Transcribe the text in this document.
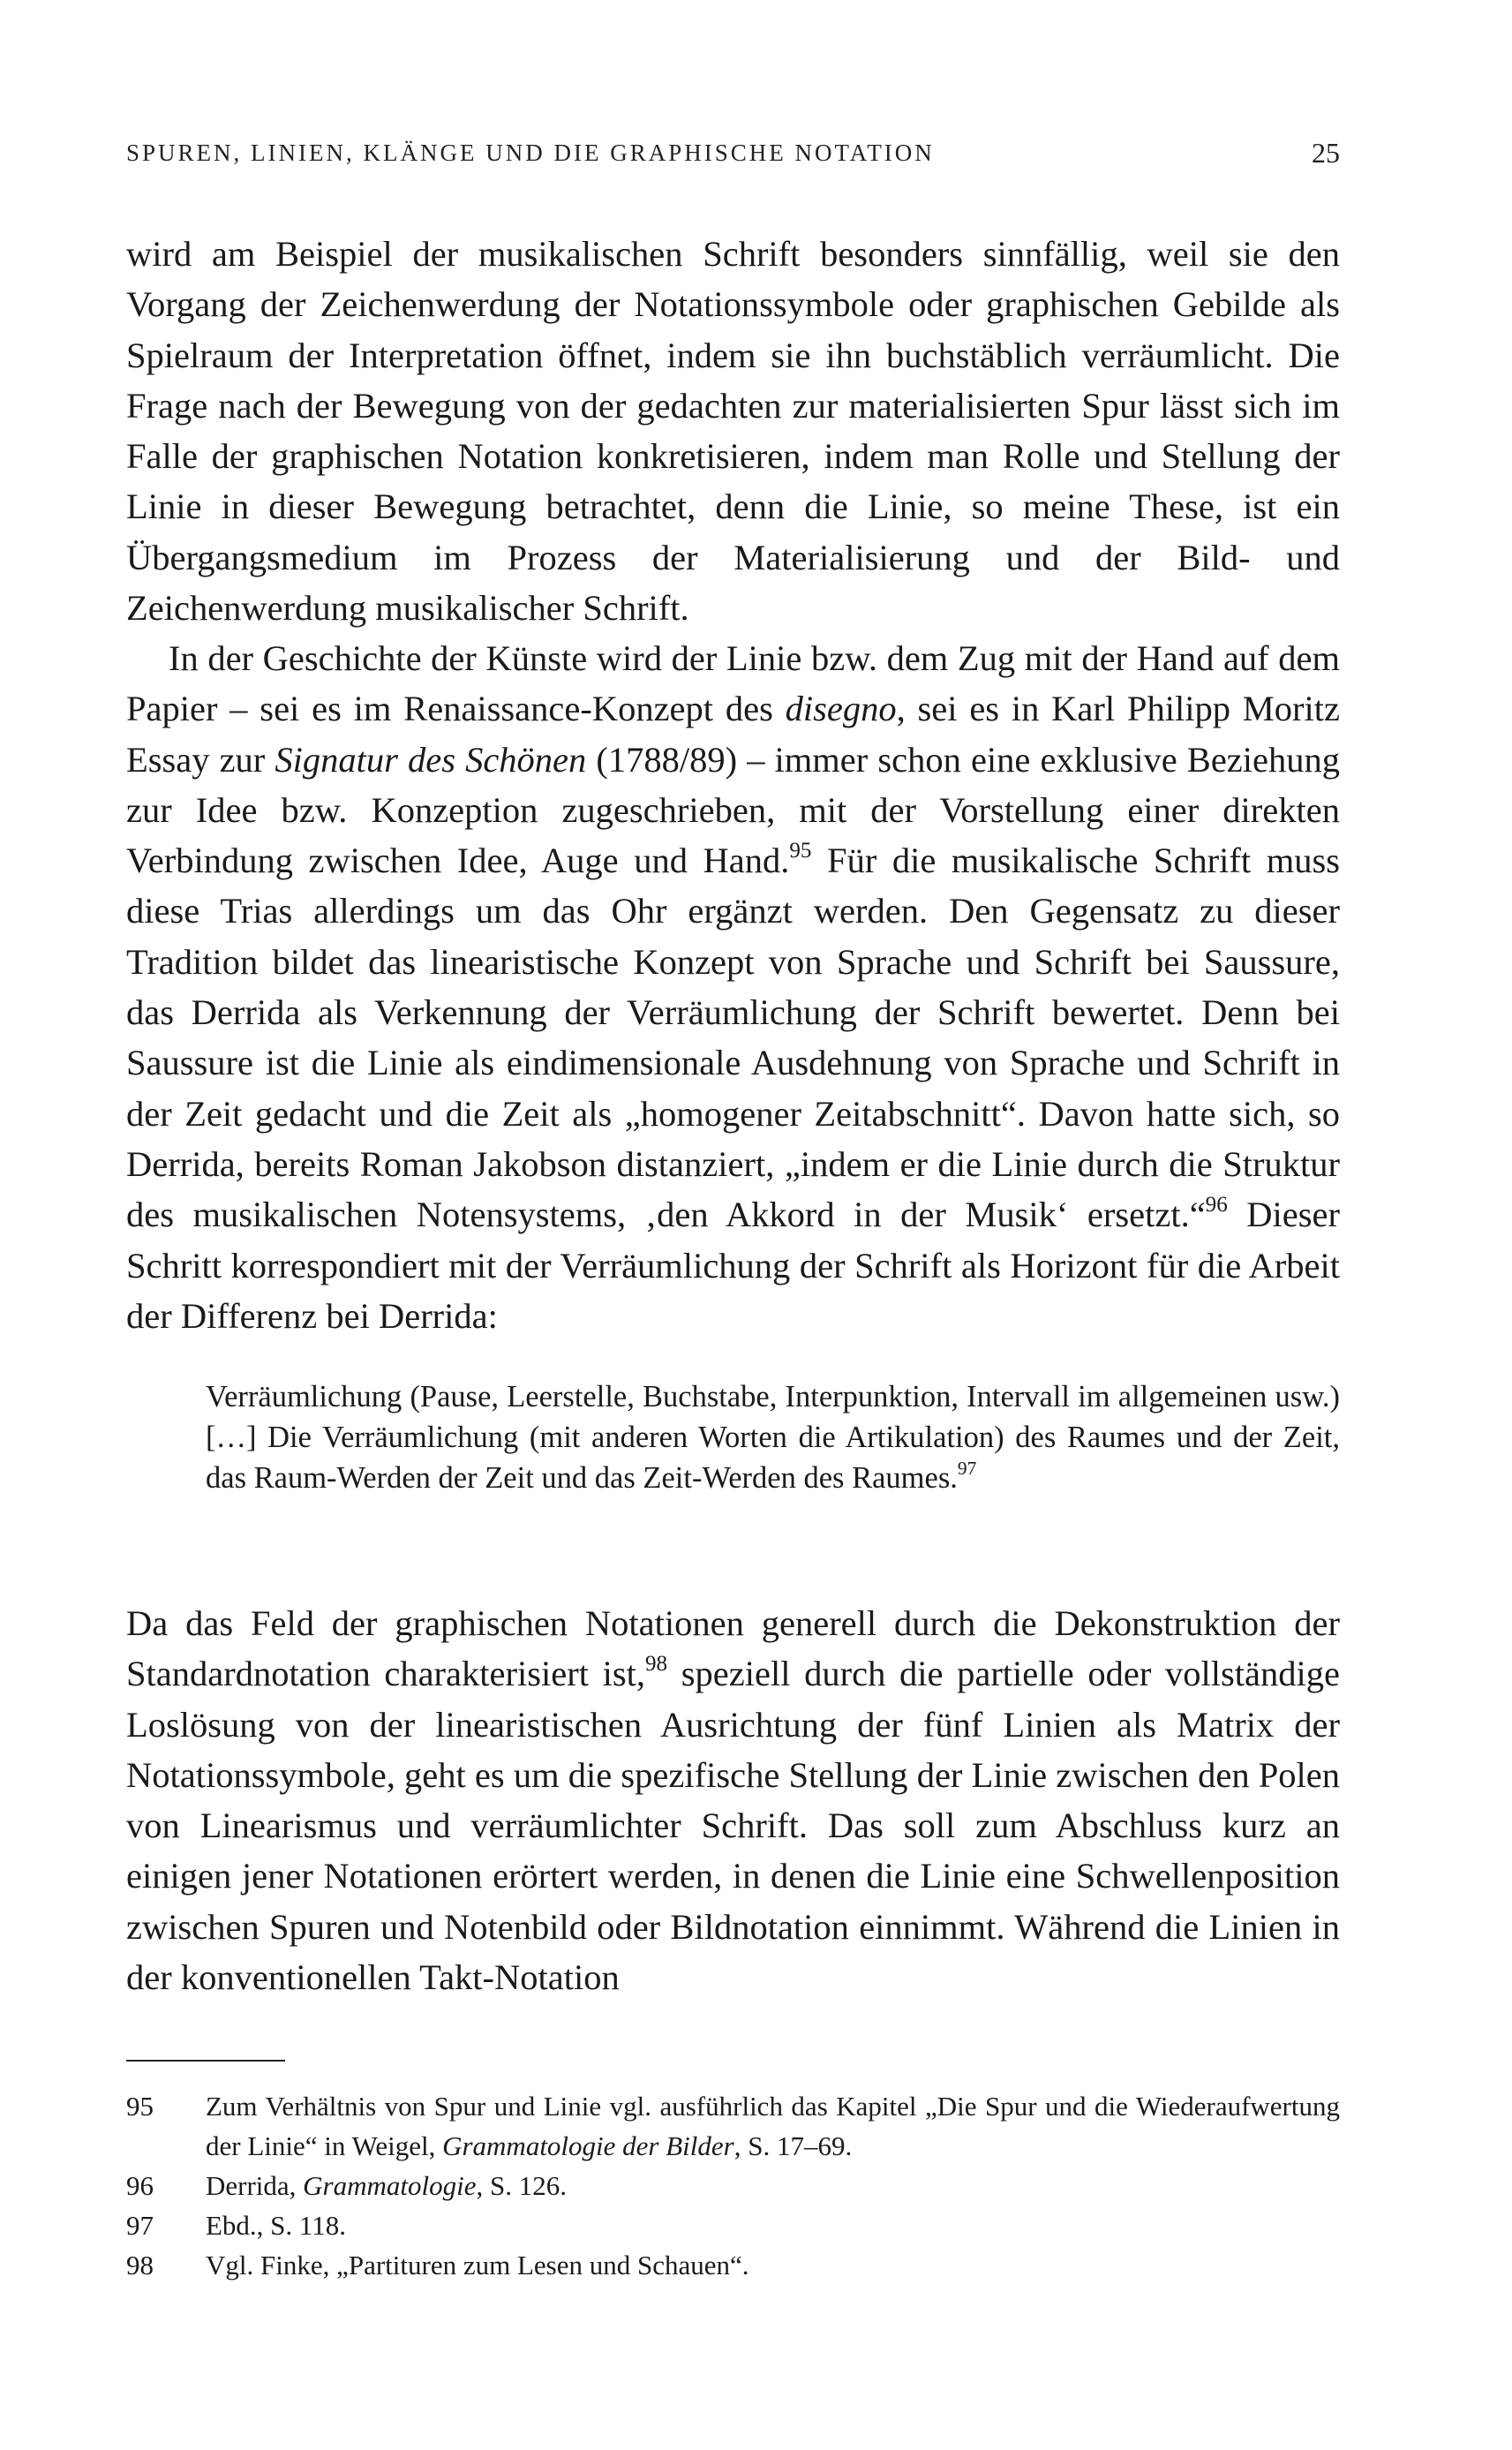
SPUREN, LINIEN, KLÄNGE UND DIE GRAPHISCHE NOTATION	25

wird am Beispiel der musikalischen Schrift besonders sinnfällig, weil sie den Vorgang der Zeichenwerdung der Notationssymbole oder graphischen Gebilde als Spielraum der Interpretation öffnet, indem sie ihn buchstäblich verräumlicht. Die Frage nach der Bewegung von der gedachten zur materialisierten Spur lässt sich im Falle der graphischen Notation konkretisieren, indem man Rolle und Stellung der Linie in dieser Bewegung betrachtet, denn die Linie, so meine These, ist ein Übergangsmedium im Prozess der Materialisierung und der Bild- und Zeichenwerdung musikalischer Schrift.

In der Geschichte der Künste wird der Linie bzw. dem Zug mit der Hand auf dem Papier – sei es im Renaissance-Konzept des disegno, sei es in Karl Philipp Moritz Essay zur Signatur des Schönen (1788/89) – immer schon eine exklusive Beziehung zur Idee bzw. Konzeption zugeschrieben, mit der Vorstellung einer direkten Verbindung zwischen Idee, Auge und Hand.$^{95}$ Für die musikalische Schrift muss diese Trias allerdings um das Ohr ergänzt werden. Den Gegensatz zu dieser Tradition bildet das linearistische Konzept von Sprache und Schrift bei Saussure, das Derrida als Verkennung der Verräumlichung der Schrift bewertet. Denn bei Saussure ist die Linie als eindimensionale Ausdehnung von Sprache und Schrift in der Zeit gedacht und die Zeit als „homogener Zeitabschnitt“. Davon hatte sich, so Derrida, bereits Roman Jakobson distanziert, „indem er die Linie durch die Struktur des musikalischen Notensystems, ‚den Akkord in der Musik‘ ersetzt.“$^{96}$ Dieser Schritt korrespondiert mit der Verräumlichung der Schrift als Horizont für die Arbeit der Differenz bei Derrida:

Verräumlichung (Pause, Leerstelle, Buchstabe, Interpunktion, Intervall im allgemeinen usw.) […] Die Verräumlichung (mit anderen Worten die Artikulation) des Raumes und der Zeit, das Raum-Werden der Zeit und das Zeit-Werden des Raumes.$^{97}$

Da das Feld der graphischen Notationen generell durch die Dekonstruktion der Standardnotation charakterisiert ist,$^{98}$ speziell durch die partielle oder vollständige Loslösung von der linearistischen Ausrichtung der fünf Linien als Matrix der Notationssymbole, geht es um die spezifische Stellung der Linie zwischen den Polen von Linearismus und verräumlichter Schrift. Das soll zum Abschluss kurz an einigen jener Notationen erörtert werden, in denen die Linie eine Schwellenposition zwischen Spuren und Notenbild oder Bildnotation einnimmt. Während die Linien in der konventionellen Takt-Notation

95	Zum Verhältnis von Spur und Linie vgl. ausführlich das Kapitel „Die Spur und die Wiederaufwertung der Linie“ in Weigel, Grammatologie der Bilder, S. 17–69.
96	Derrida, Grammatologie, S. 126.
97	Ebd., S. 118.
98	Vgl. Finke, „Partituren zum Lesen und Schauen“.
